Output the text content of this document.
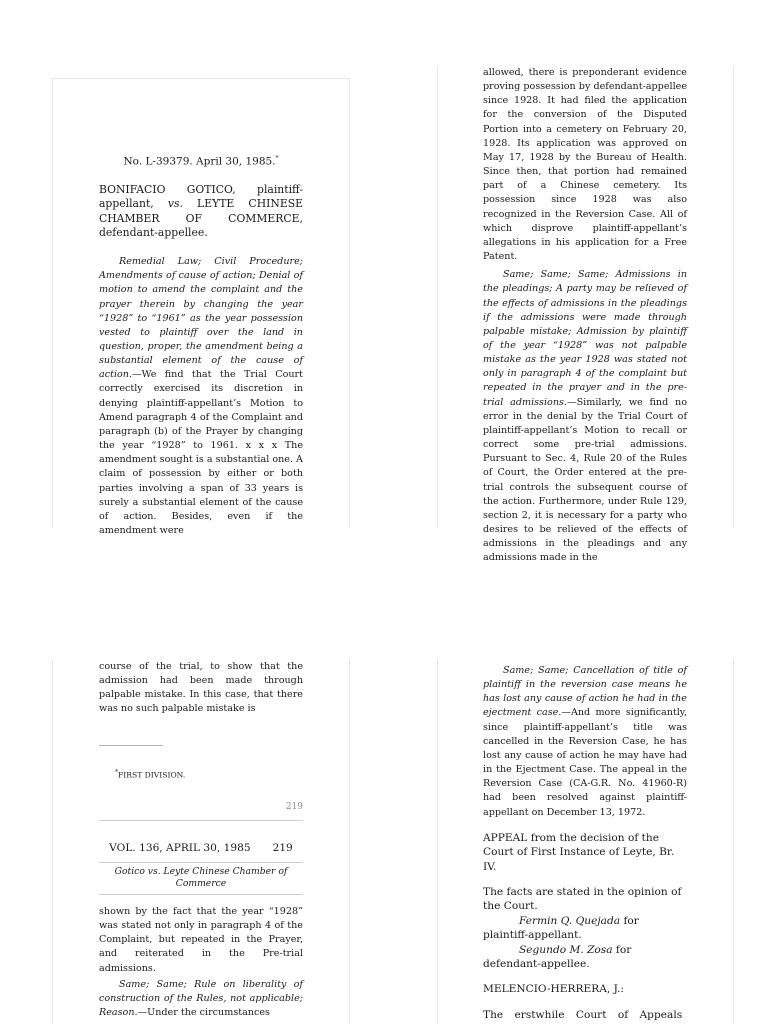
No. L-39379. April 30, 1985.*

BONIFACIO GOTICO, plaintiff-appellant, vs. LEYTE CHINESE CHAMBER OF COMMERCE, defendant-appellee.

Remedial Law; Civil Procedure; Amendments of cause of action; Denial of motion to amend the complaint and the prayer therein by changing the year “1928” to “1961” as the year possession vested to plaintiff over the land in question, proper, the amendment being a substantial element of the cause of action.—We find that the Trial Court correctly exercised its discretion in denying plaintiff-appellant’s Motion to Amend paragraph 4 of the Complaint and paragraph (b) of the Prayer by changing the year “1928” to 1961. x x x The amendment sought is a substantial one. A claim of possession by either or both parties involving a span of 33 years is surely a substantial element of the cause of action. Besides, even if the amendment were

allowed, there is preponderant evidence proving possession by defendant-appellee since 1928. It had filed the application for the conversion of the Disputed Portion into a cemetery on February 20, 1928. Its application was approved on May 17, 1928 by the Bureau of Health. Since then, that portion had remained part of a Chinese cemetery. Its possession since 1928 was also recognized in the Reversion Case. All of which disprove plaintiff-appellant’s allegations in his application for a Free Patent.

Same; Same; Same; Admissions in the pleadings; A party may be relieved of the effects of admissions in the pleadings if the admissions were made through palpable mistake; Admission by plaintiff of the year “1928” was not palpable mistake as the year 1928 was stated not only in paragraph 4 of the complaint but repeated in the prayer and in the pre-trial admissions.—Similarly, we find no error in the denial by the Trial Court of plaintiff-appellant’s Motion to recall or correct some pre-trial admissions. Pursuant to Sec. 4, Rule 20 of the Rules of Court, the Order entered at the pre-trial controls the subsequent course of the action. Furthermore, under Rule 129, section 2, it is necessary for a party who desires to be relieved of the effects of admissions in the pleadings and any admissions made in the

course of the trial, to show that the admission had been made through palpable mistake. In this case, that there was no such palpable mistake is

*FIRST DIVISION.
219
VOL. 136, APRIL 30, 1985 219
Gotico vs. Leyte Chinese Chamber of Commerce

shown by the fact that the year “1928” was stated not only in paragraph 4 of the Complaint, but repeated in the Prayer, and reiterated in the Pre-trial admissions.

Same; Same; Rule on liberality of construction of the Rules, not applicable; Reason.—Under the circumstances

Same; Same; Cancellation of title of plaintiff in the reversion case means he has lost any cause of action he had in the ejectment case.—And more significantly, since plaintiff-appellant’s title was cancelled in the Reversion Case, he has lost any cause of action he may have had in the Ejectment Case. The appeal in the Reversion Case (CA-G.R. No. 41960-R) had been resolved against plaintiff-appellant on December 13, 1972.

APPEAL from the decision of the Court of First Instance of Leyte, Br. IV.

The facts are stated in the opinion of the Court.

Fermin Q. Quejada for plaintiff-appellant.

Segundo M. Zosa for defendant-appellee.

MELENCIO-HERRERA, J.:

The erstwhile Court of Appeals
